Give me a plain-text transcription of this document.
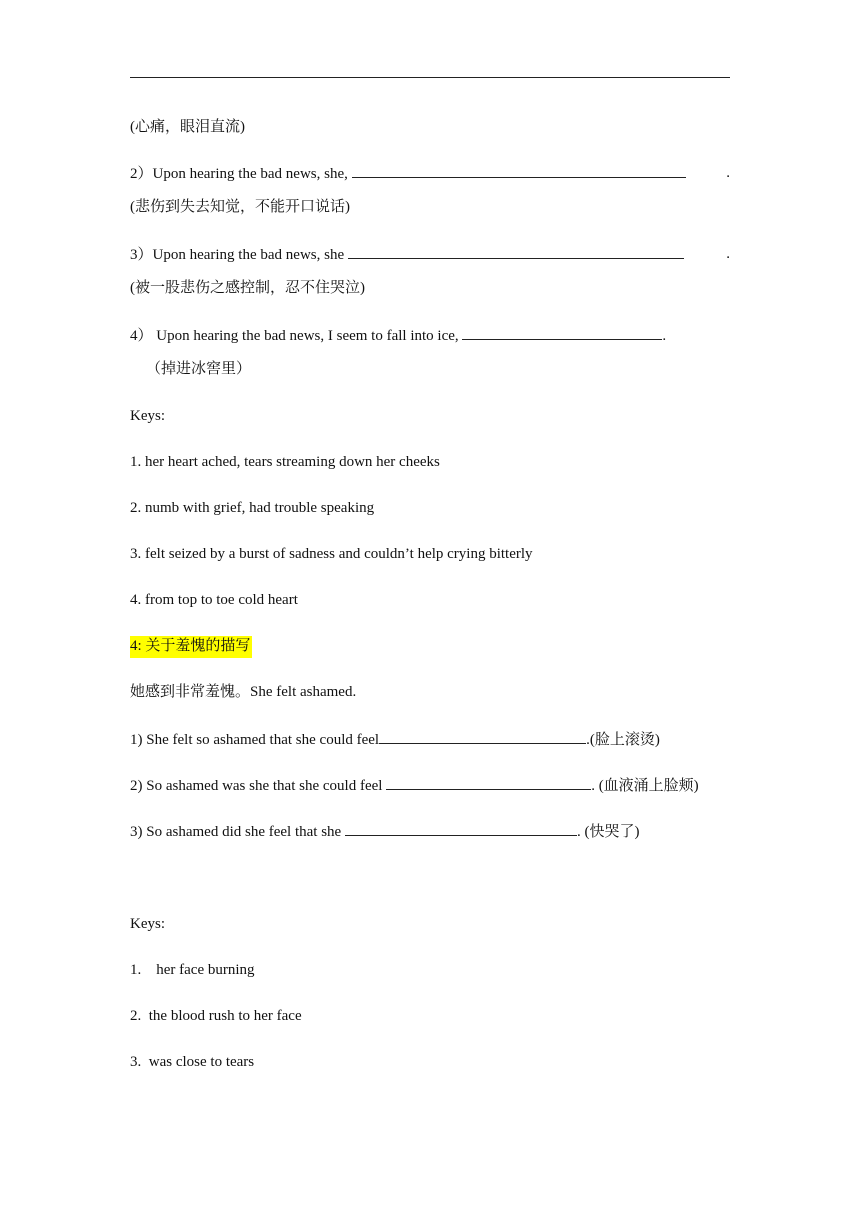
(心痛，眼泪直流)
2）Upon hearing the bad news, she,	.
(悲伤到失去知觉，不能开口说话)
3）Upon hearing the bad news, she	.
(被一股悲伤之感控制，忍不住哭泣)
4） Upon hearing the bad news, I seem to fall into ice,	.
（掉进冰窖里）
Keys:
1. her heart ached, tears streaming down her cheeks
2. numb with grief, had trouble speaking
3. felt seized by a burst of sadness and couldn’t help crying bitterly
4. from top to toe cold heart
4: 关于羞愧的描写
她感到非常羞愧。She felt ashamed.
1) She felt so ashamed that she could feel	.(脸上滚烫)
2) So ashamed was she that she could feel	. (血液涌上脸颊)
3) So ashamed did she feel that she	. (快哭了)
Keys:
1.    her face burning
2.  the blood rush to her face
3.  was close to tears
